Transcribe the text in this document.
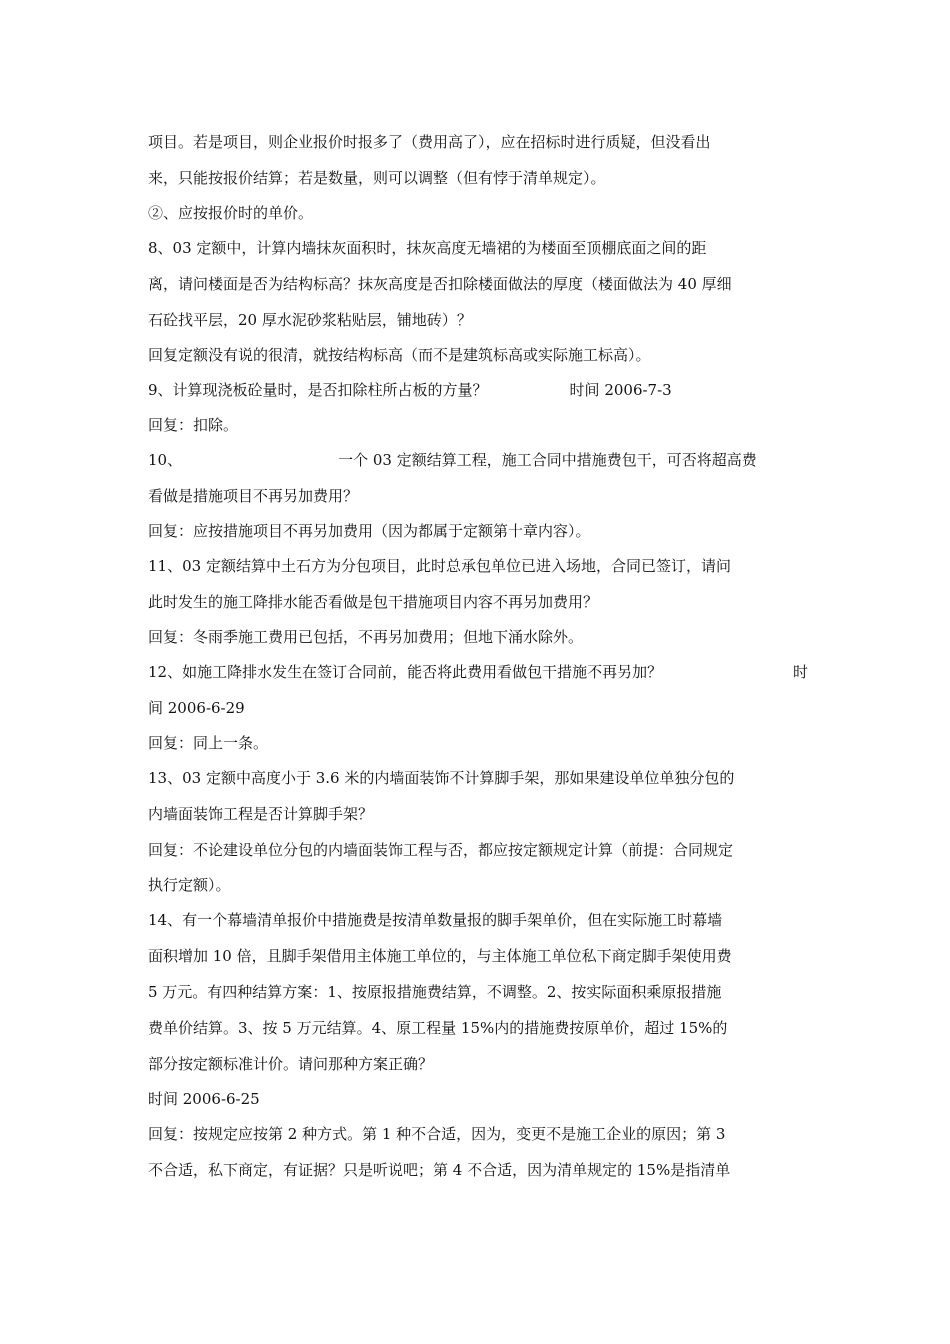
项目。若是项目，则企业报价时报多了（费用高了），应在招标时进行质疑，但没看出
来，只能按报价结算；若是数量，则可以调整（但有悖于清单规定）。
②、应按报价时的单价。
8、03 定额中，计算内墙抹灰面积时，抹灰高度无墙裙的为楼面至顶棚底面之间的距
离，请问楼面是否为结构标高？抹灰高度是否扣除楼面做法的厚度（楼面做法为 40 厚细
石砼找平层，20 厚水泥砂浆粘贴层，铺地砖）？
回复定额没有说的很清，就按结构标高（而不是建筑标高或实际施工标高）。
9、计算现浇板砼量时，是否扣除柱所占板的方量？	时间 2006-7-3
回复：扣除。
10、	一个 03 定额结算工程，施工合同中措施费包干，可否将超高费
看做是措施项目不再另加费用？
回复：应按措施项目不再另加费用（因为都属于定额第十章内容）。
11、03 定额结算中土石方为分包项目，此时总承包单位已进入场地，合同已签订，请问
此时发生的施工降排水能否看做是包干措施项目内容不再另加费用？
回复：冬雨季施工费用已包括，不再另加费用；但地下涌水除外。
12、如施工降排水发生在签订合同前，能否将此费用看做包干措施不再另加？	时
间 2006-6-29
回复：同上一条。
13、03 定额中高度小于 3.6 米的内墙面装饰不计算脚手架，那如果建设单位单独分包的
内墙面装饰工程是否计算脚手架？
回复：不论建设单位分包的内墙面装饰工程与否，都应按定额规定计算（前提：合同规定
执行定额）。
14、有一个幕墙清单报价中措施费是按清单数量报的脚手架单价，但在实际施工时幕墙
面积增加 10 倍，且脚手架借用主体施工单位的，与主体施工单位私下商定脚手架使用费
5 万元。有四种结算方案：1、按原报措施费结算，不调整。2、按实际面积乘原报措施
费单价结算。3、按 5 万元结算。4、原工程量 15%内的措施费按原单价，超过 15%的
部分按定额标准计价。请问那种方案正确？
时间 2006-6-25
回复：按规定应按第 2 种方式。第 1 种不合适，因为，变更不是施工企业的原因；第 3
不合适，私下商定，有证据？只是听说吧；第 4 不合适，因为清单规定的 15%是指清单
